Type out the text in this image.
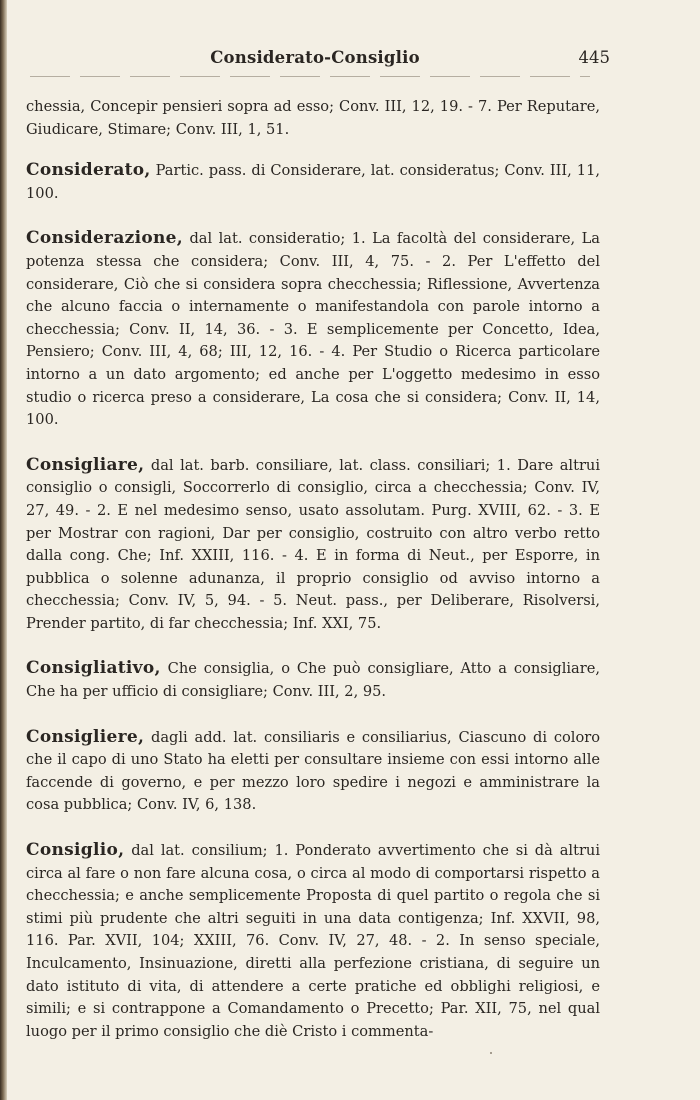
Considerato-Consiglio	445

chessia, Concepir pensieri sopra ad esso; Conv. III, 12, 19. - 7. Per Reputare, Giudicare, Stimare; Conv. III, 1, 51.

Considerato, Partic. pass. di Considerare, lat. consideratus; Conv. III, 11, 100.

Considerazione, dal lat. consideratio; 1. La facoltà del considerare, La potenza stessa che considera; Conv. III, 4, 75. - 2. Per L'effetto del considerare, Ciò che si considera sopra checchessia; Riflessione, Avvertenza che alcuno faccia o internamente o manifestandola con parole intorno a checchessia; Conv. II, 14, 36. - 3. E semplicemente per Concetto, Idea, Pensiero; Conv. III, 4, 68; III, 12, 16. - 4. Per Studio o Ricerca particolare intorno a un dato argomento; ed anche per L'oggetto medesimo in esso studio o ricerca preso a considerare, La cosa che si considera; Conv. II, 14, 100.

Consigliare, dal lat. barb. consiliare, lat. class. consiliari; 1. Dare altrui consiglio o consigli, Soccorrerlo di consiglio, circa a checchessia; Conv. IV, 27, 49. - 2. E nel medesimo senso, usato assolutam. Purg. XVIII, 62. - 3. E per Mostrar con ragioni, Dar per consiglio, costruito con altro verbo retto dalla cong. Che; Inf. XXIII, 116. - 4. E in forma di Neut., per Esporre, in pubblica o solenne adunanza, il proprio consiglio od avviso intorno a checchessia; Conv. IV, 5, 94. - 5. Neut. pass., per Deliberare, Risolversi, Prender partito, di far checchessia; Inf. XXI, 75.

Consigliativo, Che consiglia, o Che può consigliare, Atto a consigliare, Che ha per ufficio di consigliare; Conv. III, 2, 95.

Consigliere, dagli add. lat. consiliaris e consiliarius, Ciascuno di coloro che il capo di uno Stato ha eletti per consultare insieme con essi intorno alle faccende di governo, e per mezzo loro spedire i negozi e amministrare la cosa pubblica; Conv. IV, 6, 138.

Consiglio, dal lat. consilium; 1. Ponderato avvertimento che si dà altrui circa al fare o non fare alcuna cosa, o circa al modo di comportarsi rispetto a checchessia; e anche semplicemente Proposta di quel partito o regola che si stimi più prudente che altri seguiti in una data contigenza; Inf. XXVII, 98, 116. Par. XVII, 104; XXIII, 76. Conv. IV, 27, 48. - 2. In senso speciale, Inculcamento, Insinuazione, diretti alla perfezione cristiana, di seguire un dato istituto di vita, di attendere a certe pratiche ed obblighi religiosi, e simili; e si contrappone a Comandamento o Precetto; Par. XII, 75, nel qual luogo per il primo consiglio che diè Cristo i commenta-
